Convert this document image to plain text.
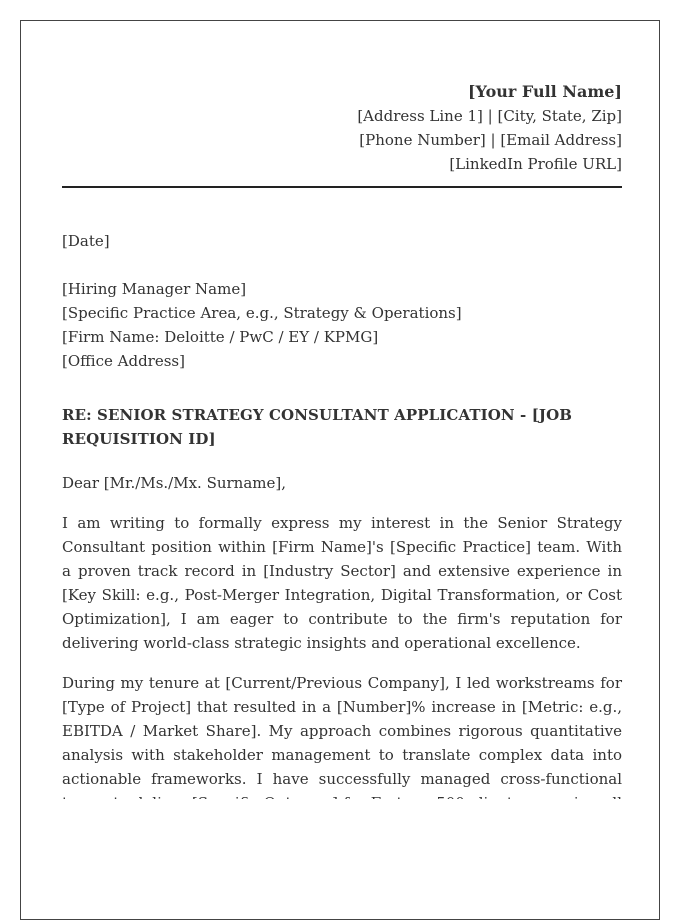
[Your Full Name]
[Address Line 1] | [City, State, Zip]
[Phone Number] | [Email Address]
[LinkedIn Profile URL]
[Date]
[Hiring Manager Name]
[Specific Practice Area, e.g., Strategy & Operations]
[Firm Name: Deloitte / PwC / EY / KPMG]
[Office Address]
RE: SENIOR STRATEGY CONSULTANT APPLICATION - [JOB REQUISITION ID]
Dear [Mr./Ms./Mx. Surname],
I am writing to formally express my interest in the Senior Strategy Consultant position within [Firm Name]'s [Specific Practice] team. With a proven track record in [Industry Sector] and extensive experience in [Key Skill: e.g., Post-Merger Integration, Digital Transformation, or Cost Optimization], I am eager to contribute to the firm's reputation for delivering world-class strategic insights and operational excellence.
During my tenure at [Current/Previous Company], I led workstreams for [Type of Project] that resulted in a [Number]% increase in [Metric: e.g., EBITDA / Market Share]. My approach combines rigorous quantitative analysis with stakeholder management to translate complex data into actionable frameworks. I have successfully managed cross-functional
